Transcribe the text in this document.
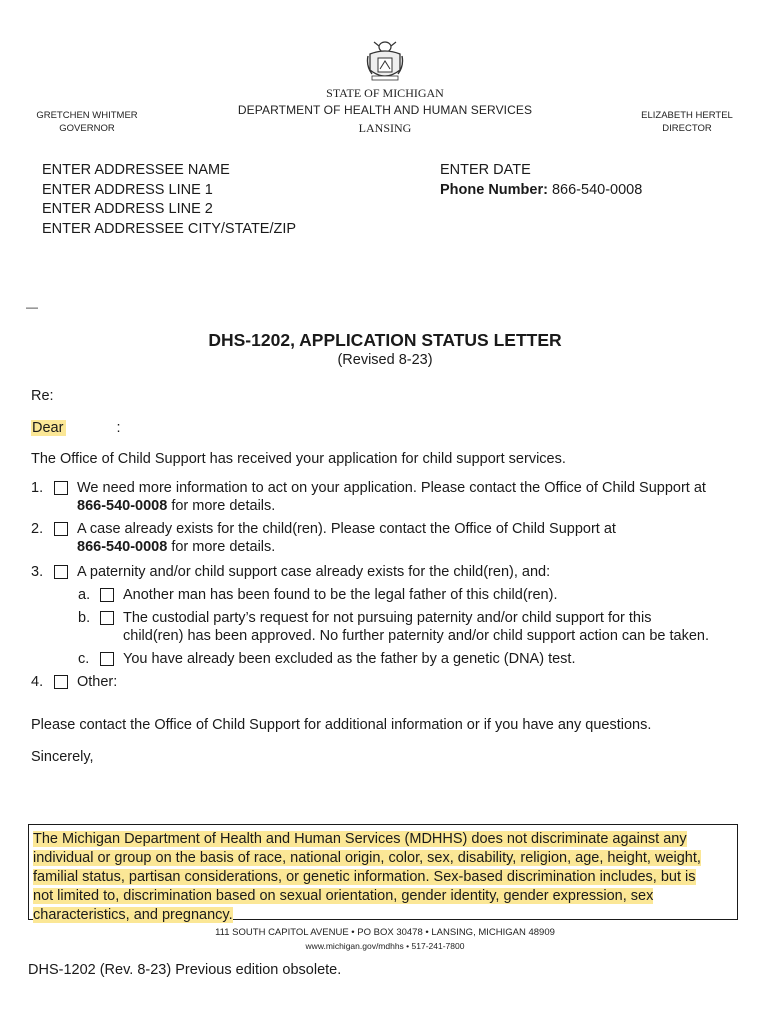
STATE OF MICHIGAN
DEPARTMENT OF HEALTH AND HUMAN SERVICES
LANSING
GRETCHEN WHITMER
GOVERNOR
ELIZABETH HERTEL
DIRECTOR
ENTER ADDRESSEE NAME
ENTER ADDRESS LINE 1
ENTER ADDRESS LINE 2
ENTER ADDRESSEE CITY/STATE/ZIP
ENTER DATE
Phone Number: 866-540-0008
—
DHS-1202, APPLICATION STATUS LETTER
(Revised 8-23)
Re:
Dear	:
The Office of Child Support has received your application for child support services.
1. We need more information to act on your application. Please contact the Office of Child Support at
866-540-0008 for more details.
2. A case already exists for the child(ren). Please contact the Office of Child Support at
866-540-0008 for more details.
3. A paternity and/or child support case already exists for the child(ren), and:
a. Another man has been found to be the legal father of this child(ren).
b. The custodial party’s request for not pursuing paternity and/or child support for this
child(ren) has been approved. No further paternity and/or child support action can be taken.
c. You have already been excluded as the father by a genetic (DNA) test.
4. Other:
Please contact the Office of Child Support for additional information or if you have any questions.
Sincerely,
The Michigan Department of Health and Human Services (MDHHS) does not discriminate against any
individual or group on the basis of race, national origin, color, sex, disability, religion, age, height, weight,
familial status, partisan considerations, or genetic information. Sex-based discrimination includes, but is
not limited to, discrimination based on sexual orientation, gender identity, gender expression, sex
characteristics, and pregnancy.
111 SOUTH CAPITOL AVENUE • PO BOX 30478 • LANSING, MICHIGAN 48909
www.michigan.gov/mdhhs • 517-241-7800
DHS-1202 (Rev. 8-23) Previous edition obsolete.
